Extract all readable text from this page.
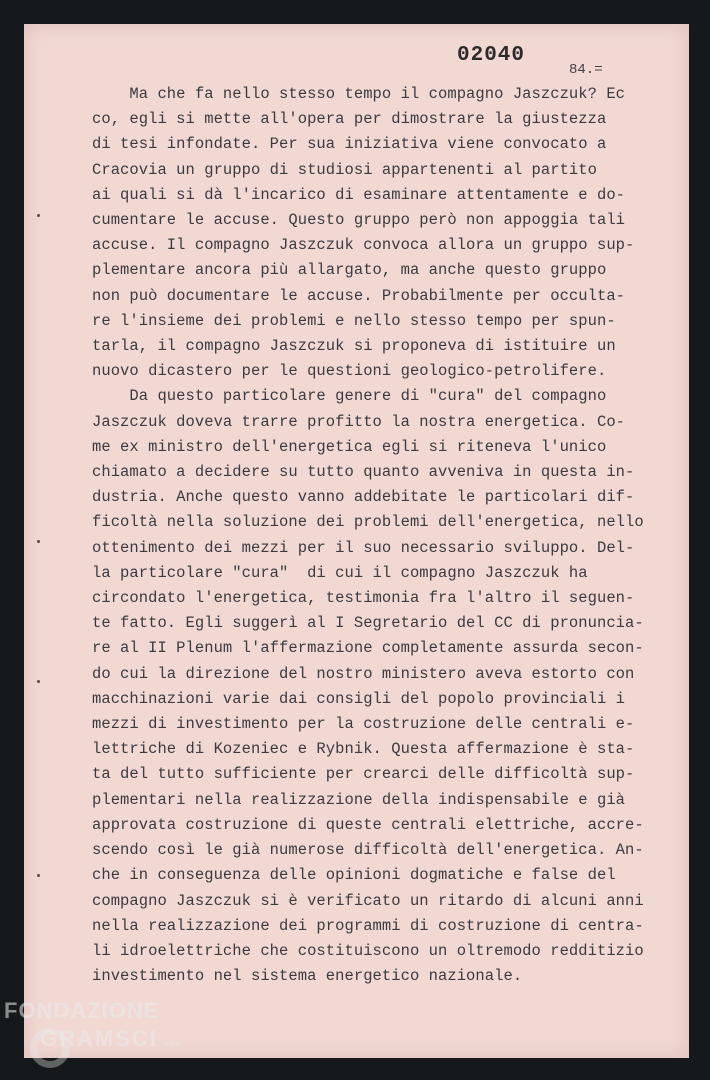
02040
84.=
Ma che fa nello stesso tempo il compagno Jaszczuk? Ec
co, egli si mette all'opera per dimostrare la giustezza
di tesi infondate. Per sua iniziativa viene convocato a
Cracovia un gruppo di studiosi appartenenti al partito
ai quali si dà l'incarico di esaminare attentamente e do-
cumentare le accuse. Questo gruppo però non appoggia tali
accuse. Il compagno Jaszczuk convoca allora un gruppo sup-
plementare ancora più allargato, ma anche questo gruppo
non può documentare le accuse. Probabilmente per occulta-
re l'insieme dei problemi e nello stesso tempo per spun-
tarla, il compagno Jaszczuk si proponeva di istituire un
nuovo dicastero per le questioni geologico-petrolifere.
Da questo particolare genere di "cura" del compagno
Jaszczuk doveva trarre profitto la nostra energetica. Co-
me ex ministro dell'energetica egli si riteneva l'unico
chiamato a decidere su tutto quanto avveniva in questa in-
dustria. Anche questo vanno addebitate le particolari dif-
ficoltà nella soluzione dei problemi dell'energetica, nello
ottenimento dei mezzi per il suo necessario sviluppo. Del-
la particolare "cura"  di cui il compagno Jaszczuk ha
circondato l'energetica, testimonia fra l'altro il seguen-
te fatto. Egli suggerì al I Segretario del CC di pronuncia-
re al II Plenum l'affermazione completamente assurda secon-
do cui la direzione del nostro ministero aveva estorto con
macchinazioni varie dai consigli del popolo provinciali i
mezzi di investimento per la costruzione delle centrali e-
lettriche di Kozeniec e Rybnik. Questa affermazione è sta-
ta del tutto sufficiente per crearci delle difficoltà sup-
plementari nella realizzazione della indispensabile e già
approvata costruzione di queste centrali elettriche, accre-
scendo così le già numerose difficoltà dell'energetica. An-
che in conseguenza delle opinioni dogmatiche e false del
compagno Jaszczuk si è verificato un ritardo di alcuni anni
nella realizzazione dei programmi di costruzione di centra-
li idroelettriche che costituiscono un oltremodo redditizio
investimento nel sistema energetico nazionale.
FONDAZIONE
GRAMSCI onlus
